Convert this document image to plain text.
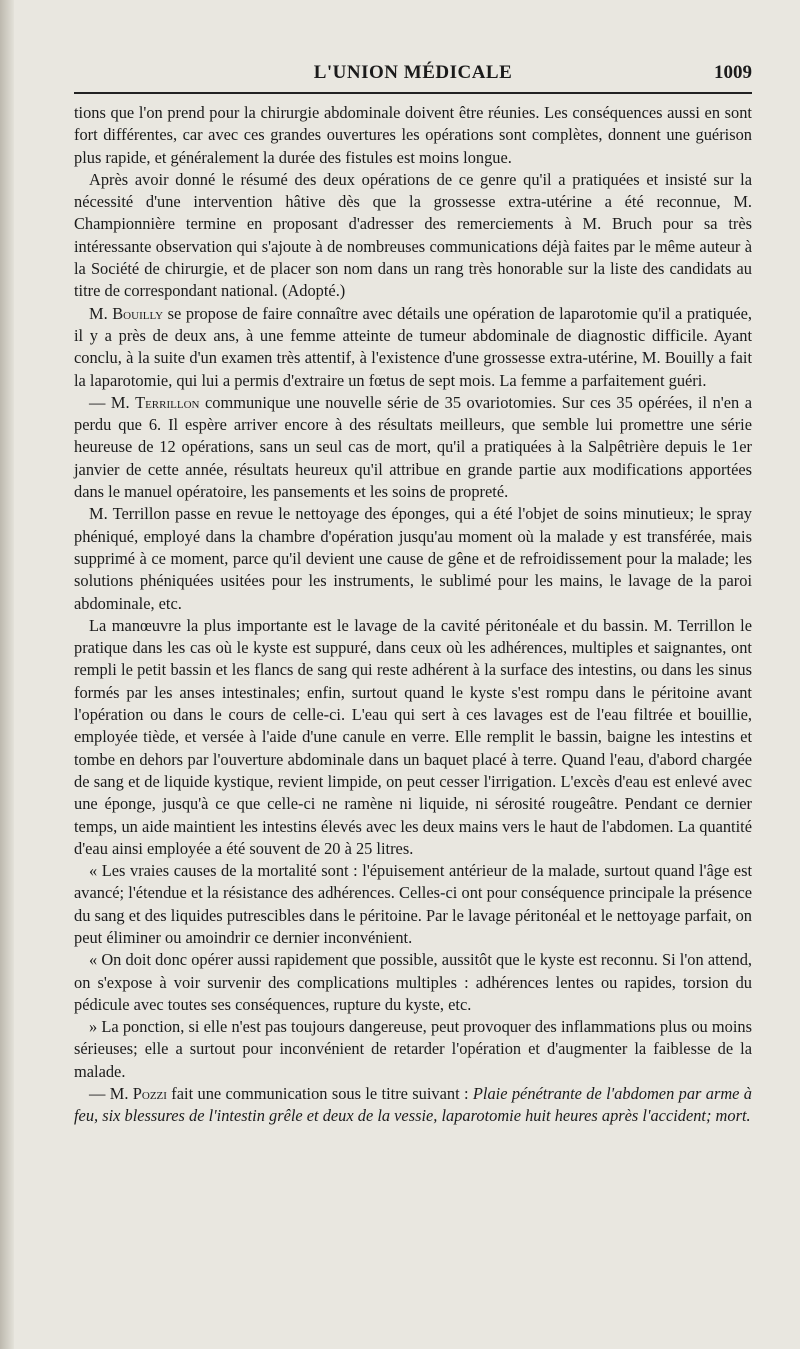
L'UNION MÉDICALE	1009

tions que l'on prend pour la chirurgie abdominale doivent être réunies. Les conséquences aussi en sont fort différentes, car avec ces grandes ouvertures les opérations sont complètes, donnent une guérison plus rapide, et généralement la durée des fistules est moins longue.

Après avoir donné le résumé des deux opérations de ce genre qu'il a pratiquées et insisté sur la nécessité d'une intervention hâtive dès que la grossesse extra-utérine a été reconnue, M. Championnière termine en proposant d'adresser des remerciements à M. Bruch pour sa très intéressante observation qui s'ajoute à de nombreuses communications déjà faites par le même auteur à la Société de chirurgie, et de placer son nom dans un rang très honorable sur la liste des candidats au titre de correspondant national. (Adopté.)

M. Bouilly se propose de faire connaître avec détails une opération de laparotomie qu'il a pratiquée, il y a près de deux ans, à une femme atteinte de tumeur abdominale de diagnostic difficile. Ayant conclu, à la suite d'un examen très attentif, à l'existence d'une grossesse extra-utérine, M. Bouilly a fait la laparotomie, qui lui a permis d'extraire un fœtus de sept mois. La femme a parfaitement guéri.

— M. Terrillon communique une nouvelle série de 35 ovariotomies. Sur ces 35 opérées, il n'en a perdu que 6. Il espère arriver encore à des résultats meilleurs, que semble lui promettre une série heureuse de 12 opérations, sans un seul cas de mort, qu'il a pratiquées à la Salpêtrière depuis le 1er janvier de cette année, résultats heureux qu'il attribue en grande partie aux modifications apportées dans le manuel opératoire, les pansements et les soins de propreté.

M. Terrillon passe en revue le nettoyage des éponges, qui a été l'objet de soins minutieux; le spray phéniqué, employé dans la chambre d'opération jusqu'au moment où la malade y est transférée, mais supprimé à ce moment, parce qu'il devient une cause de gêne et de refroidissement pour la malade; les solutions phéniquées usitées pour les instruments, le sublimé pour les mains, le lavage de la paroi abdominale, etc.

La manœuvre la plus importante est le lavage de la cavité péritonéale et du bassin. M. Terrillon le pratique dans les cas où le kyste est suppuré, dans ceux où les adhérences, multiples et saignantes, ont rempli le petit bassin et les flancs de sang qui reste adhérent à la surface des intestins, ou dans les sinus formés par les anses intestinales; enfin, surtout quand le kyste s'est rompu dans le péritoine avant l'opération ou dans le cours de celle-ci. L'eau qui sert à ces lavages est de l'eau filtrée et bouillie, employée tiède, et versée à l'aide d'une canule en verre. Elle remplit le bassin, baigne les intestins et tombe en dehors par l'ouverture abdominale dans un baquet placé à terre. Quand l'eau, d'abord chargée de sang et de liquide kystique, revient limpide, on peut cesser l'irrigation. L'excès d'eau est enlevé avec une éponge, jusqu'à ce que celle-ci ne ramène ni liquide, ni sérosité rougeâtre. Pendant ce dernier temps, un aide maintient les intestins élevés avec les deux mains vers le haut de l'abdomen. La quantité d'eau ainsi employée a été souvent de 20 à 25 litres.

« Les vraies causes de la mortalité sont : l'épuisement antérieur de la malade, surtout quand l'âge est avancé; l'étendue et la résistance des adhérences. Celles-ci ont pour conséquence principale la présence du sang et des liquides putrescibles dans le péritoine. Par le lavage péritonéal et le nettoyage parfait, on peut éliminer ou amoindrir ce dernier inconvénient.

« On doit donc opérer aussi rapidement que possible, aussitôt que le kyste est reconnu. Si l'on attend, on s'expose à voir survenir des complications multiples : adhérences lentes ou rapides, torsion du pédicule avec toutes ses conséquences, rupture du kyste, etc.

» La ponction, si elle n'est pas toujours dangereuse, peut provoquer des inflammations plus ou moins sérieuses; elle a surtout pour inconvénient de retarder l'opération et d'augmenter la faiblesse de la malade.

— M. Pozzi fait une communication sous le titre suivant : Plaie pénétrante de l'abdomen par arme à feu, six blessures de l'intestin grêle et deux de la vessie, laparotomie huit heures après l'accident; mort.
